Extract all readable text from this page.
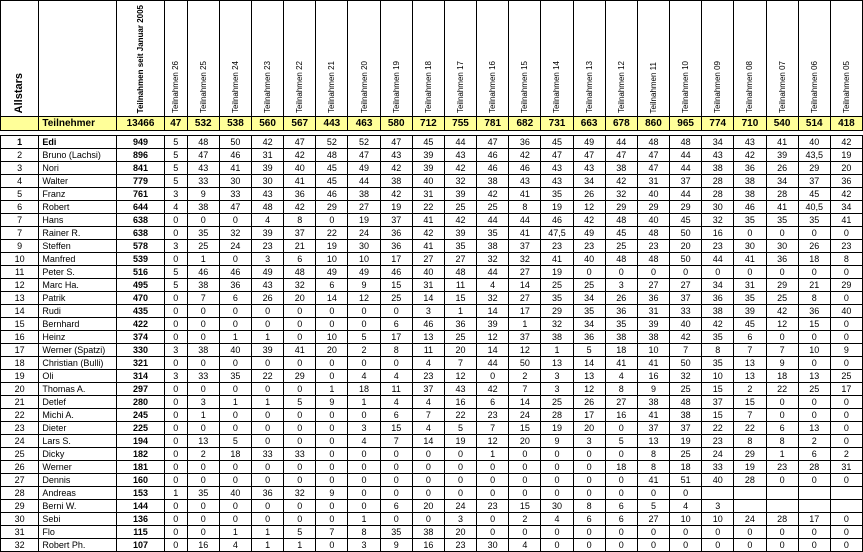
Allstars		Teilnahmen seit Januar 2005	Teilnahmen 26	Teilnahmen 25	Teilnahmen 24	Teilnahmen 23	Teilnahmen 22	Teilnahmen 21	Teilnahmen 20	Teilnahmen 19	Teilnahmen 18	Teilnahmen 17	Teilnahmen 16	Teilnahmen 15	Teilnahmen 14	Teilnahmen 13	Teilnahmen 12	Teilnahmen 11	Teilnahmen 10	Teilnahmen 09	Teilnahmen 08	Teilnahmen 07	Teilnahmen 06	Teilnahmen 05
	Teilnehmer	13466	47	532	538	560	567	443	463	580	712	755	781	682	731	663	678	860	965	774	710	540	514	418

1	Edi	949	5	48	50	42	47	52	52	47	45	44	47	36	45	49	44	48	48	34	43	41	40	42
2	Bruno (Lachsi)	896	5	47	46	31	42	48	47	43	39	43	46	42	47	47	47	47	44	43	42	39	43,5	19
3	Nori	841	5	43	41	39	40	45	49	42	39	42	46	46	43	43	38	47	44	38	36	26	29	20
4	Walter	779	5	33	30	30	41	45	44	38	40	32	38	43	43	34	42	31	37	28	38	34	37	36
5	Franz	761	3	9	33	43	36	46	38	42	31	39	42	41	35	26	32	40	44	28	38	28	45	42
6	Robert	644	4	38	47	48	42	29	27	19	22	25	25	8	19	12	29	29	29	30	46	41	40,5	34
7	Hans	638	0	0	0	4	8	0	19	37	41	42	44	44	46	42	48	40	45	32	35	35	35	41
7	Rainer R.	638	0	35	32	39	37	22	24	36	42	39	35	41	47,5	49	45	48	50	16	0	0	0	0
9	Steffen	578	3	25	24	23	21	19	30	36	41	35	38	37	23	23	25	23	20	23	30	30	26	23
10	Manfred	539	0	1	0	3	6	10	10	17	27	27	32	32	41	40	48	48	50	44	41	36	18	8
11	Peter S.	516	5	46	46	49	48	49	49	46	40	48	44	27	19	0	0	0	0	0	0	0	0	0
12	Marc Ha.	495	5	38	36	43	32	6	9	15	31	11	4	14	25	25	3	27	27	34	31	29	21	29
13	Patrik	470	0	7	6	26	20	14	12	25	14	15	32	27	35	34	26	36	37	36	35	25	8	0
14	Rudi	435	0	0	0	0	0	0	0	0	3	1	14	17	29	35	36	31	33	38	39	42	36	40
15	Bernhard	422	0	0	0	0	0	0	0	6	46	36	39	1	32	34	35	39	40	42	45	12	15	0
16	Heinz	374	0	0	1	1	0	10	5	17	13	25	12	37	38	36	38	38	42	35	6	0	0	0
17	Werner (Spatzi)	330	3	38	40	39	41	20	2	8	11	20	14	12	1	5	18	10	7	8	7	7	10	9
18	Christian (Bulli)	321	0	0	0	0	0	0	0	0	4	7	44	50	13	14	41	41	50	35	13	9	0	0
19	Oli	314	3	33	35	22	29	0	4	4	23	12	0	2	3	13	4	16	32	10	13	18	13	25
20	Thomas A.	297	0	0	0	0	0	1	18	11	37	43	42	7	3	12	8	9	25	15	2	22	25	17
21	Detlef	280	0	3	1	1	5	9	1	4	4	16	6	14	25	26	27	38	48	37	15	0	0	0
22	Michi A.	245	0	1	0	0	0	0	0	6	7	22	23	24	28	17	16	41	38	15	7	0	0	0
23	Dieter	225	0	0	0	0	0	0	3	15	4	5	7	15	19	20	0	37	37	22	22	6	13	0
24	Lars S.	194	0	13	5	0	0	0	4	7	14	19	12	20	9	3	5	13	19	23	8	8	2	0
25	Dicky	182	0	2	18	33	33	0	0	0	0	0	1	0	0	0	0	8	25	24	29	1	6	2
26	Werner	181	0	0	0	0	0	0	0	0	0	0	0	0	0	0	18	8	18	33	19	23	28	31
27	Dennis	160	0	0	0	0	0	0	0	0	0	0	0	0	0	0	0	41	51	40	28	0	0	0
28	Andreas	153	1	35	40	36	32	9	0	0	0	0	0	0	0	0	0	0	0					
29	Berni W.	144	0	0	0	0	0	0	0	6	20	24	23	15	30	8	6	5	4	3				
30	Sebi	136	0	0	0	0	0	0	1	0	0	3	0	2	4	6	6	27	10	10	24	28	17	0
31	Flo	115	0	0	1	1	5	7	8	35	38	20	0	0	0	0	0	0	0	0	0	0	0	0
32	Robert Ph.	107	0	16	4	1	1	0	3	9	16	23	30	4	0	0	0	0	0	0	0	0	0	0
